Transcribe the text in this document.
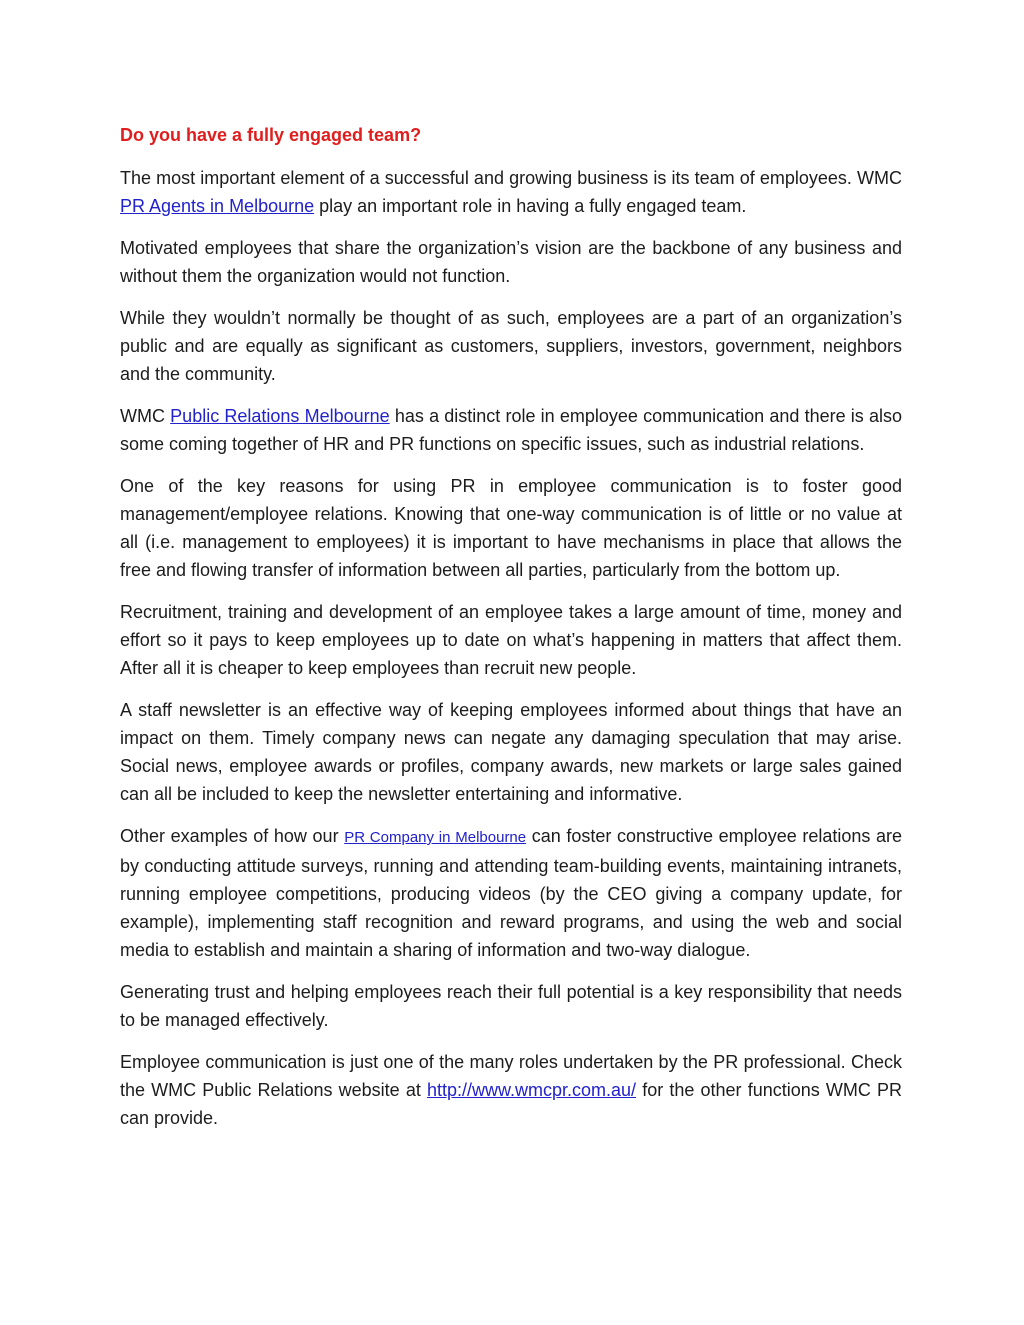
Do you have a fully engaged team?

The most important element of a successful and growing business is its team of employees. WMC PR Agents in Melbourne play an important role in having a fully engaged team.

Motivated employees that share the organization’s vision are the backbone of any business and without them the organization would not function.

While they wouldn’t normally be thought of as such, employees are a part of an organization’s public and are equally as significant as customers, suppliers, investors, government, neighbors and the community.

WMC Public Relations Melbourne has a distinct role in employee communication and there is also some coming together of HR and PR functions on specific issues, such as industrial relations.

One of the key reasons for using PR in employee communication is to foster good management/employee relations. Knowing that one-way communication is of little or no value at all (i.e. management to employees) it is important to have mechanisms in place that allows the free and flowing transfer of information between all parties, particularly from the bottom up.

Recruitment, training and development of an employee takes a large amount of time, money and effort so it pays to keep employees up to date on what’s happening in matters that affect them. After all it is cheaper to keep employees than recruit new people.

A staff newsletter is an effective way of keeping employees informed about things that have an impact on them. Timely company news can negate any damaging speculation that may arise. Social news, employee awards or profiles, company awards, new markets or large sales gained can all be included to keep the newsletter entertaining and informative.

Other examples of how our PR Company in Melbourne can foster constructive employee relations are by conducting attitude surveys, running and attending team-building events, maintaining intranets, running employee competitions, producing videos (by the CEO giving a company update, for example), implementing staff recognition and reward programs, and using the web and social media to establish and maintain a sharing of information and two-way dialogue.

Generating trust and helping employees reach their full potential is a key responsibility that needs to be managed effectively.

Employee communication is just one of the many roles undertaken by the PR professional. Check the WMC Public Relations website at http://www.wmcpr.com.au/ for the other functions WMC PR can provide.
